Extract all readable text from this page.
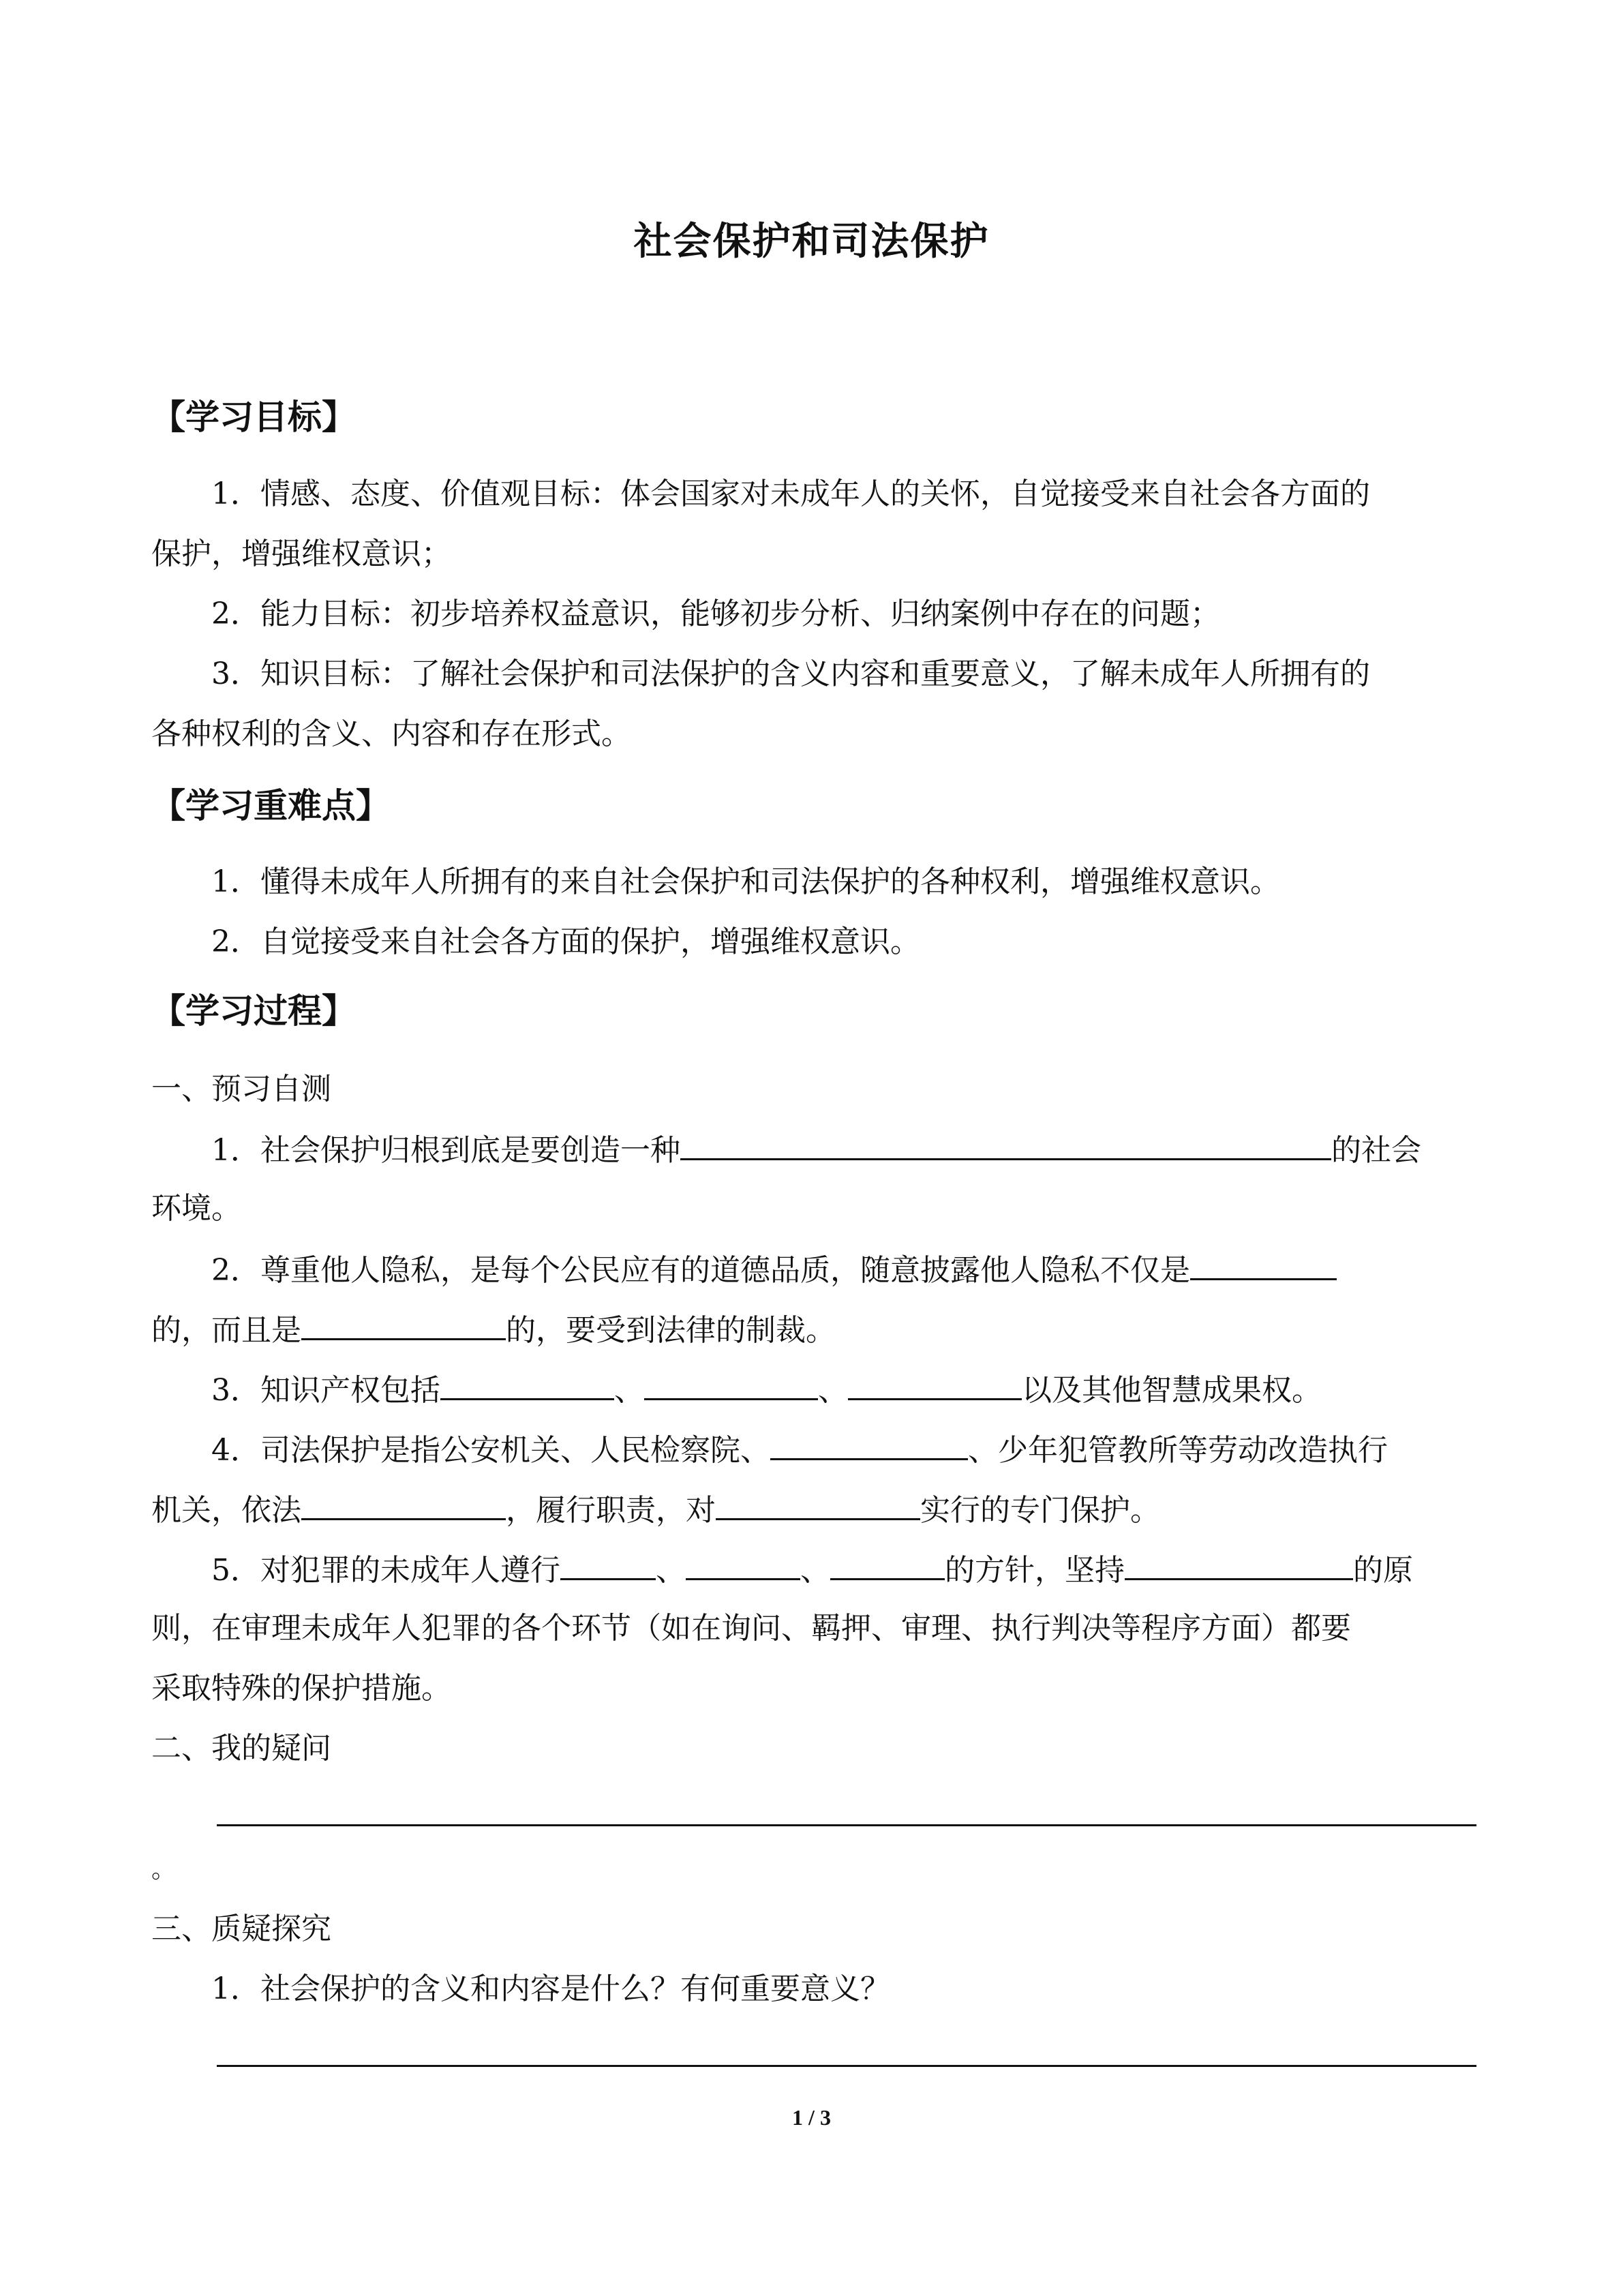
社会保护和司法保护
【学习目标】
1．情感、态度、价值观目标：体会国家对未成年人的关怀，自觉接受来自社会各方面的
保护，增强维权意识；
2．能力目标：初步培养权益意识，能够初步分析、归纳案例中存在的问题；
3．知识目标：了解社会保护和司法保护的含义内容和重要意义，了解未成年人所拥有的
各种权利的含义、内容和存在形式。
【学习重难点】
1．懂得未成年人所拥有的来自社会保护和司法保护的各种权利，增强维权意识。
2．自觉接受来自社会各方面的保护，增强维权意识。
【学习过程】
一、预习自测
1．社会保护归根到底是要创造一种	的社会
环境。
2．尊重他人隐私，是每个公民应有的道德品质，随意披露他人隐私不仅是
的，而且是	的，要受到法律的制裁。
3．知识产权包括	、	、	以及其他智慧成果权。
4．司法保护是指公安机关、人民检察院、	、少年犯管教所等劳动改造执行
机关，依法	，履行职责，对	实行的专门保护。
5．对犯罪的未成年人遵行	、	、	的方针，坚持	的原
则，在审理未成年人犯罪的各个环节（如在询问、羁押、审理、执行判决等程序方面）都要
采取特殊的保护措施。
二、我的疑问
。
三、质疑探究
1．社会保护的含义和内容是什么？有何重要意义？
1 / 3
